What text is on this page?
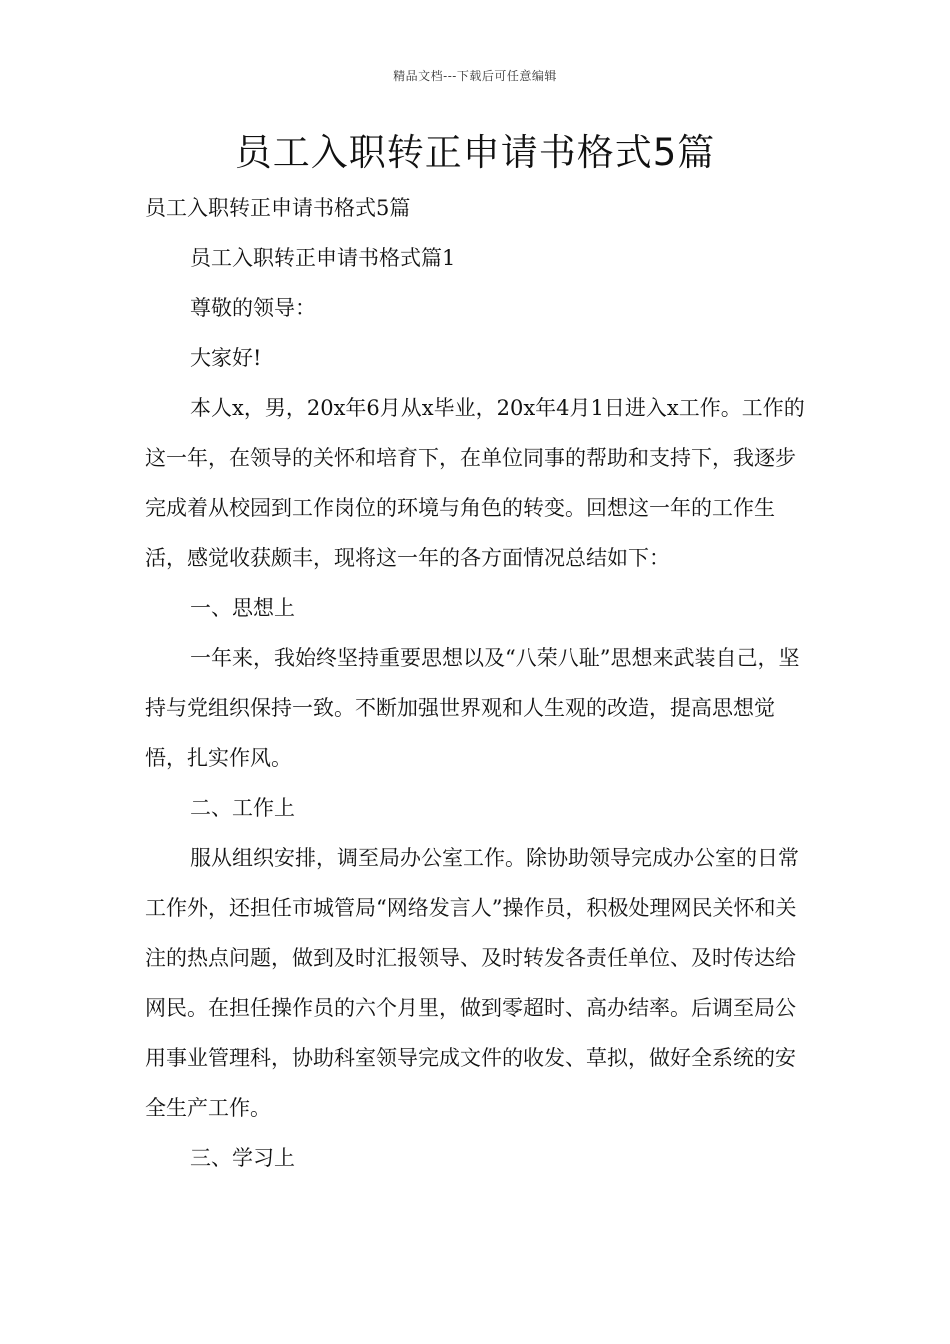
精品文档---下载后可任意编辑
员工入职转正申请书格式5篇

员工入职转正申请书格式5篇

员工入职转正申请书格式篇1

尊敬的领导：

大家好!

本人x，男，20x年6月从x毕业，20x年4月1日进入x工作。工作的这一年，在领导的关怀和培育下，在单位同事的帮助和支持下，我逐步完成着从校园到工作岗位的环境与角色的转变。回想这一年的工作生活，感觉收获颇丰，现将这一年的各方面情况总结如下：

一、思想上

一年来，我始终坚持重要思想以及“八荣八耻”思想来武装自己，坚持与党组织保持一致。不断加强世界观和人生观的改造，提高思想觉悟，扎实作风。

二、工作上

服从组织安排，调至局办公室工作。除协助领导完成办公室的日常工作外，还担任市城管局“网络发言人”操作员，积极处理网民关怀和关注的热点问题，做到及时汇报领导、及时转发各责任单位、及时传达给网民。在担任操作员的六个月里，做到零超时、高办结率。后调至局公用事业管理科，协助科室领导完成文件的收发、草拟，做好全系统的安全生产工作。

三、学习上
